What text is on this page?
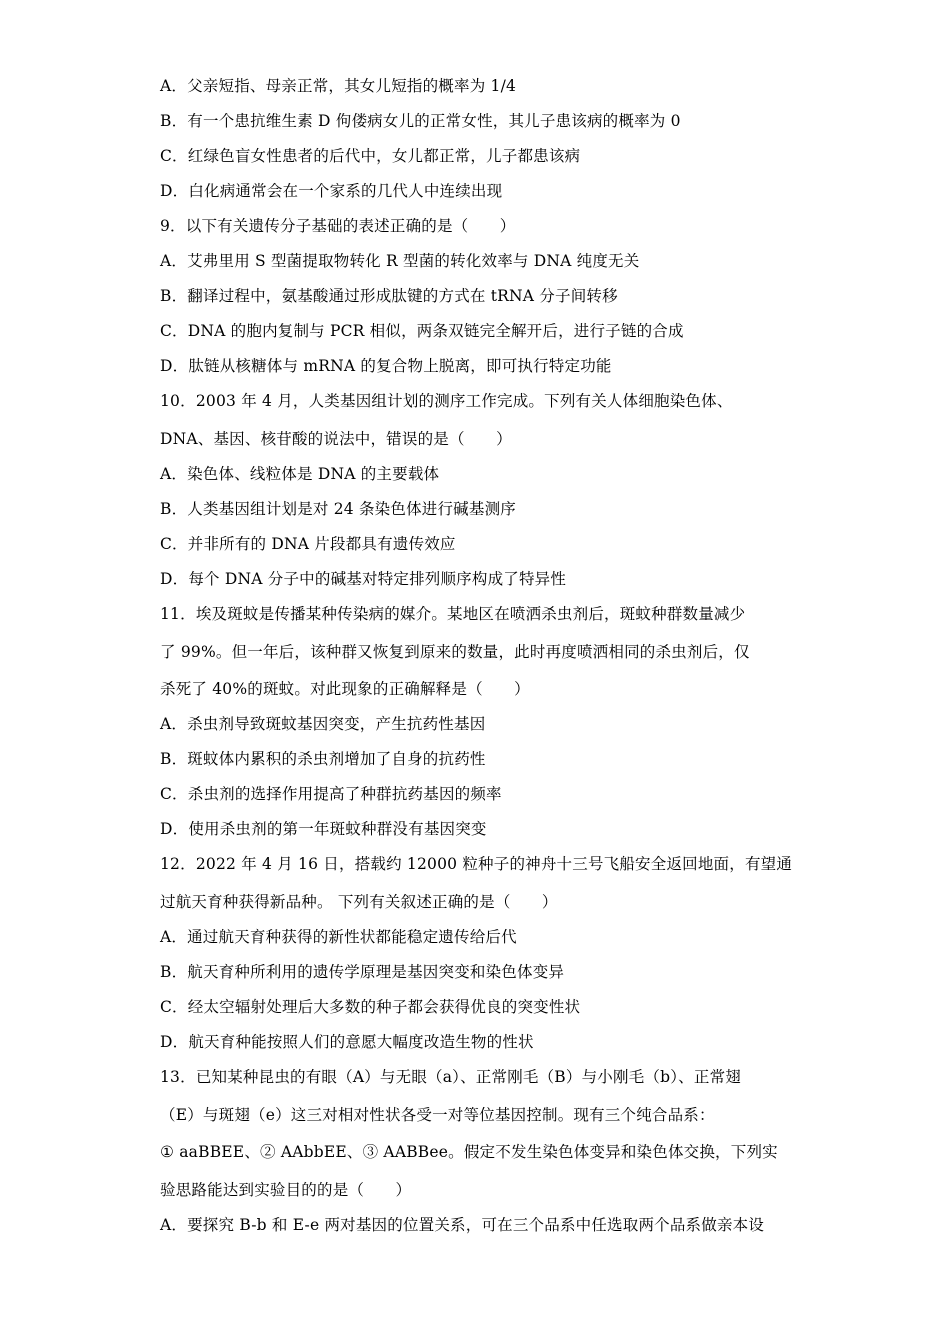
A．父亲短指、母亲正常，其女儿短指的概率为 1/4
B．有一个患抗维生素 D 佝偻病女儿的正常女性，其儿子患该病的概率为 0
C．红绿色盲女性患者的后代中，女儿都正常，儿子都患该病
D．白化病通常会在一个家系的几代人中连续出现
9．以下有关遗传分子基础的表述正确的是（　　）
A．艾弗里用 S 型菌提取物转化 R 型菌的转化效率与 DNA 纯度无关
B．翻译过程中，氨基酸通过形成肽键的方式在 tRNA 分子间转移
C．DNA 的胞内复制与 PCR 相似，两条双链完全解开后，进行子链的合成
D．肽链从核糖体与 mRNA 的复合物上脱离，即可执行特定功能
10．2003 年 4 月，人类基因组计划的测序工作完成。下列有关人体细胞染色体、
DNA、基因、核苷酸的说法中，错误的是（　　）
A．染色体、线粒体是 DNA 的主要载体
B．人类基因组计划是对 24 条染色体进行碱基测序
C．并非所有的 DNA 片段都具有遗传效应
D．每个 DNA 分子中的碱基对特定排列顺序构成了特异性
11．埃及斑蚊是传播某种传染病的媒介。某地区在喷洒杀虫剂后，斑蚊种群数量减少
了 99%。但一年后，该种群又恢复到原来的数量，此时再度喷洒相同的杀虫剂后，仅
杀死了 40%的斑蚊。对此现象的正确解释是（　　）
A．杀虫剂导致斑蚊基因突变，产生抗药性基因
B．斑蚊体内累积的杀虫剂增加了自身的抗药性
C．杀虫剂的选择作用提高了种群抗药基因的频率
D．使用杀虫剂的第一年斑蚊种群没有基因突变
12．2022 年 4 月 16 日，搭载约 12000 粒种子的神舟十三号飞船安全返回地面，有望通
过航天育种获得新品种。 下列有关叙述正确的是（　　）
A．通过航天育种获得的新性状都能稳定遗传给后代
B．航天育种所利用的遗传学原理是基因突变和染色体变异
C．经太空辐射处理后大多数的种子都会获得优良的突变性状
D．航天育种能按照人们的意愿大幅度改造生物的性状
13．已知某种昆虫的有眼（A）与无眼（a）、正常刚毛（B）与小刚毛（b）、正常翅
（E）与斑翅（e）这三对相对性状各受一对等位基因控制。现有三个纯合品系：
① aaBBEE、② AAbbEE、③ AABBee。假定不发生染色体变异和染色体交换，下列实
验思路能达到实验目的的是（　　）
A．要探究 B-b 和 E-e 两对基因的位置关系，可在三个品系中任选取两个品系做亲本设
